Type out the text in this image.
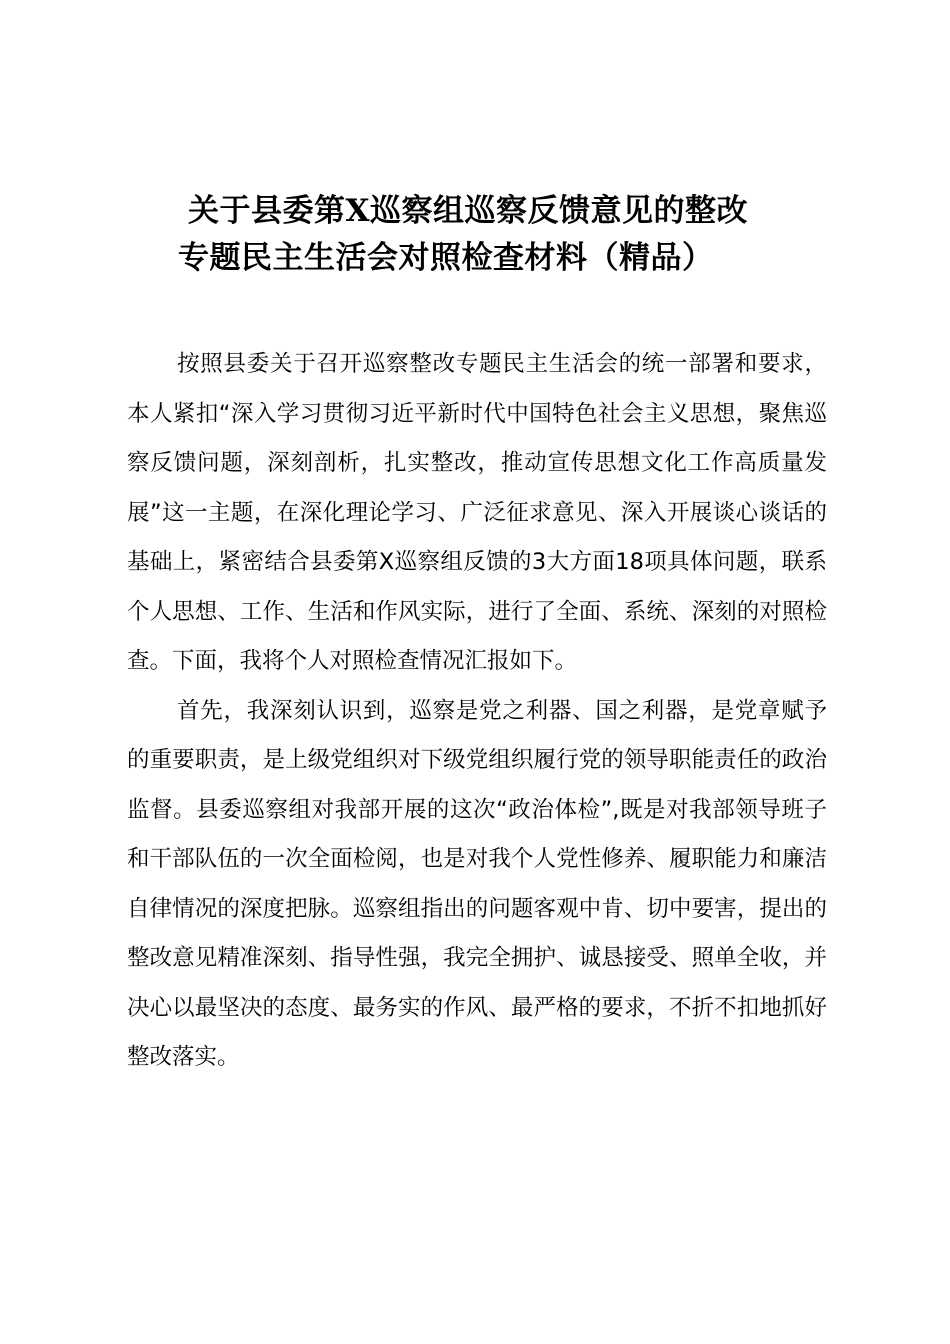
关于县委第X巡察组巡察反馈意见的整改
专题民主生活会对照检查材料（精品）

按照县委关于召开巡察整改专题民主生活会的统一部署和要求，本人紧扣“深入学习贯彻习近平新时代中国特色社会主义思想，聚焦巡察反馈问题，深刻剖析，扎实整改，推动宣传思想文化工作高质量发展”这一主题，在深化理论学习、广泛征求意见、深入开展谈心谈话的基础上，紧密结合县委第X巡察组反馈的3大方面18项具体问题，联系个人思想、工作、生活和作风实际，进行了全面、系统、深刻的对照检查。下面，我将个人对照检查情况汇报如下。

首先，我深刻认识到，巡察是党之利器、国之利器，是党章赋予的重要职责，是上级党组织对下级党组织履行党的领导职能责任的政治监督。县委巡察组对我部开展的这次“政治体检”,既是对我部领导班子和干部队伍的一次全面检阅，也是对我个人党性修养、履职能力和廉洁自律情况的深度把脉。巡察组指出的问题客观中肯、切中要害，提出的整改意见精准深刻、指导性强，我完全拥护、诚恳接受、照单全收，并决心以最坚决的态度、最务实的作风、最严格的要求，不折不扣地抓好整改落实。
